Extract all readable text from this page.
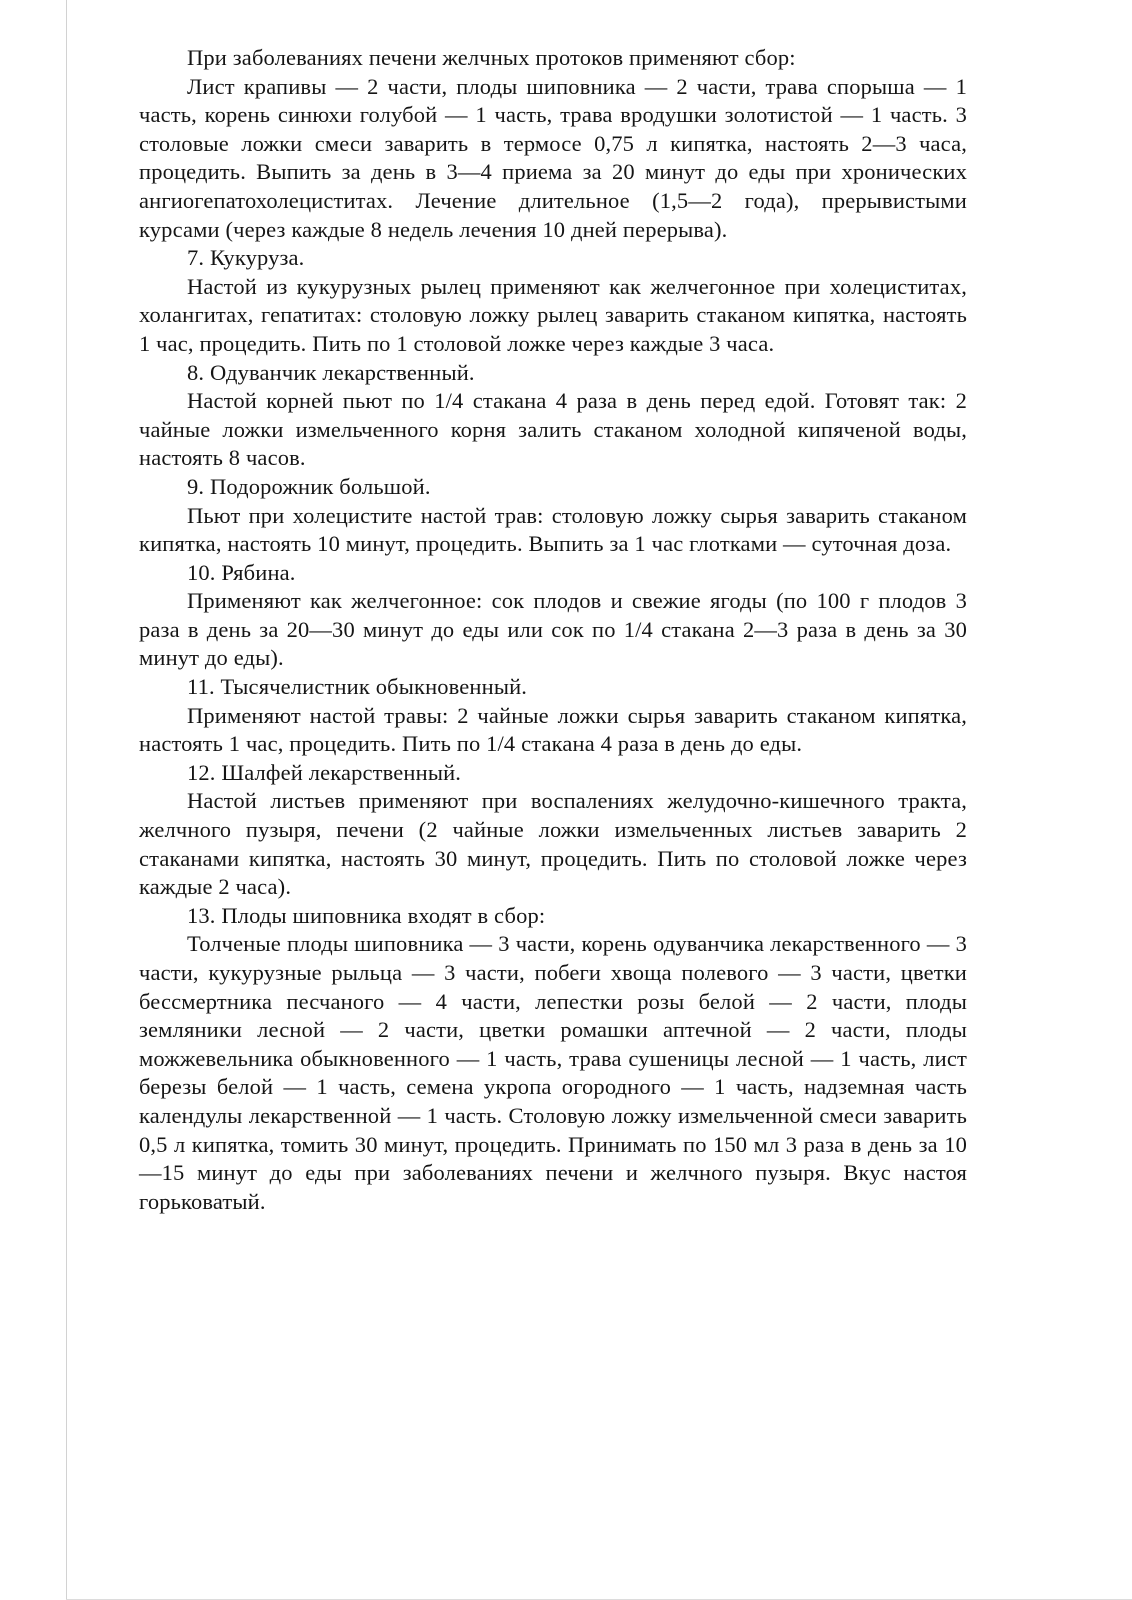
При заболеваниях печени желчных протоков применяют сбор:

Лист крапивы — 2 части, плоды шиповника — 2 части, трава спорыша — 1 часть, корень синюхи голубой — 1 часть, трава вродушки золотистой — 1 часть. 3 столовые ложки смеси заварить в термосе 0,75 л кипятка, настоять 2—3 часа, процедить. Выпить за день в 3—4 приема за 20 минут до еды при хронических ангиогепатохолециститах. Лечение длительное (1,5—2 года), прерывистыми курсами (через каждые 8 недель лечения 10 дней перерыва).

7. Кукуруза.

Настой из кукурузных рылец применяют как желчегонное при холециститах, холангитах, гепатитах: столовую ложку рылец заварить стаканом кипятка, настоять 1 час, процедить. Пить по 1 столовой ложке через каждые 3 часа.

8. Одуванчик лекарственный.

Настой корней пьют по 1/4 стакана 4 раза в день перед едой. Готовят так: 2 чайные ложки измельченного корня залить стаканом холодной кипяченой воды, настоять 8 часов.

9. Подорожник большой.

Пьют при холецистите настой трав: столовую ложку сырья заварить стаканом кипятка, настоять 10 минут, процедить. Выпить за 1 час глотками — суточная доза.

10. Рябина.

Применяют как желчегонное: сок плодов и свежие ягоды (по 100 г плодов 3 раза в день за 20—30 минут до еды или сок по 1/4 стакана 2—3 раза в день за 30 минут до еды).

11. Тысячелистник обыкновенный.

Применяют настой травы: 2 чайные ложки сырья заварить стаканом кипятка, настоять 1 час, процедить. Пить по 1/4 стакана 4 раза в день до еды.

12. Шалфей лекарственный.

Настой листьев применяют при воспалениях желудочно-кишечного тракта, желчного пузыря, печени (2 чайные ложки измельченных листьев заварить 2 стаканами кипятка, настоять 30 минут, процедить. Пить по столовой ложке через каждые 2 часа).

13. Плоды шиповника входят в сбор:

Толченые плоды шиповника — 3 части, корень одуванчика лекарственного — 3 части, кукурузные рыльца — 3 части, побеги хвоща полевого — 3 части, цветки бессмертника песчаного — 4 части, лепестки розы белой — 2 части, плоды земляники лесной — 2 части, цветки ромашки аптечной — 2 части, плоды можжевельника обыкновенного — 1 часть, трава сушеницы лесной — 1 часть, лист березы белой — 1 часть, семена укропа огородного — 1 часть, надземная часть календулы лекарственной — 1 часть. Столовую ложку измельченной смеси заварить 0,5 л кипятка, томить 30 минут, процедить. Принимать по 150 мл 3 раза в день за 10—15 минут до еды при заболеваниях печени и желчного пузыря. Вкус настоя горьковатый.
